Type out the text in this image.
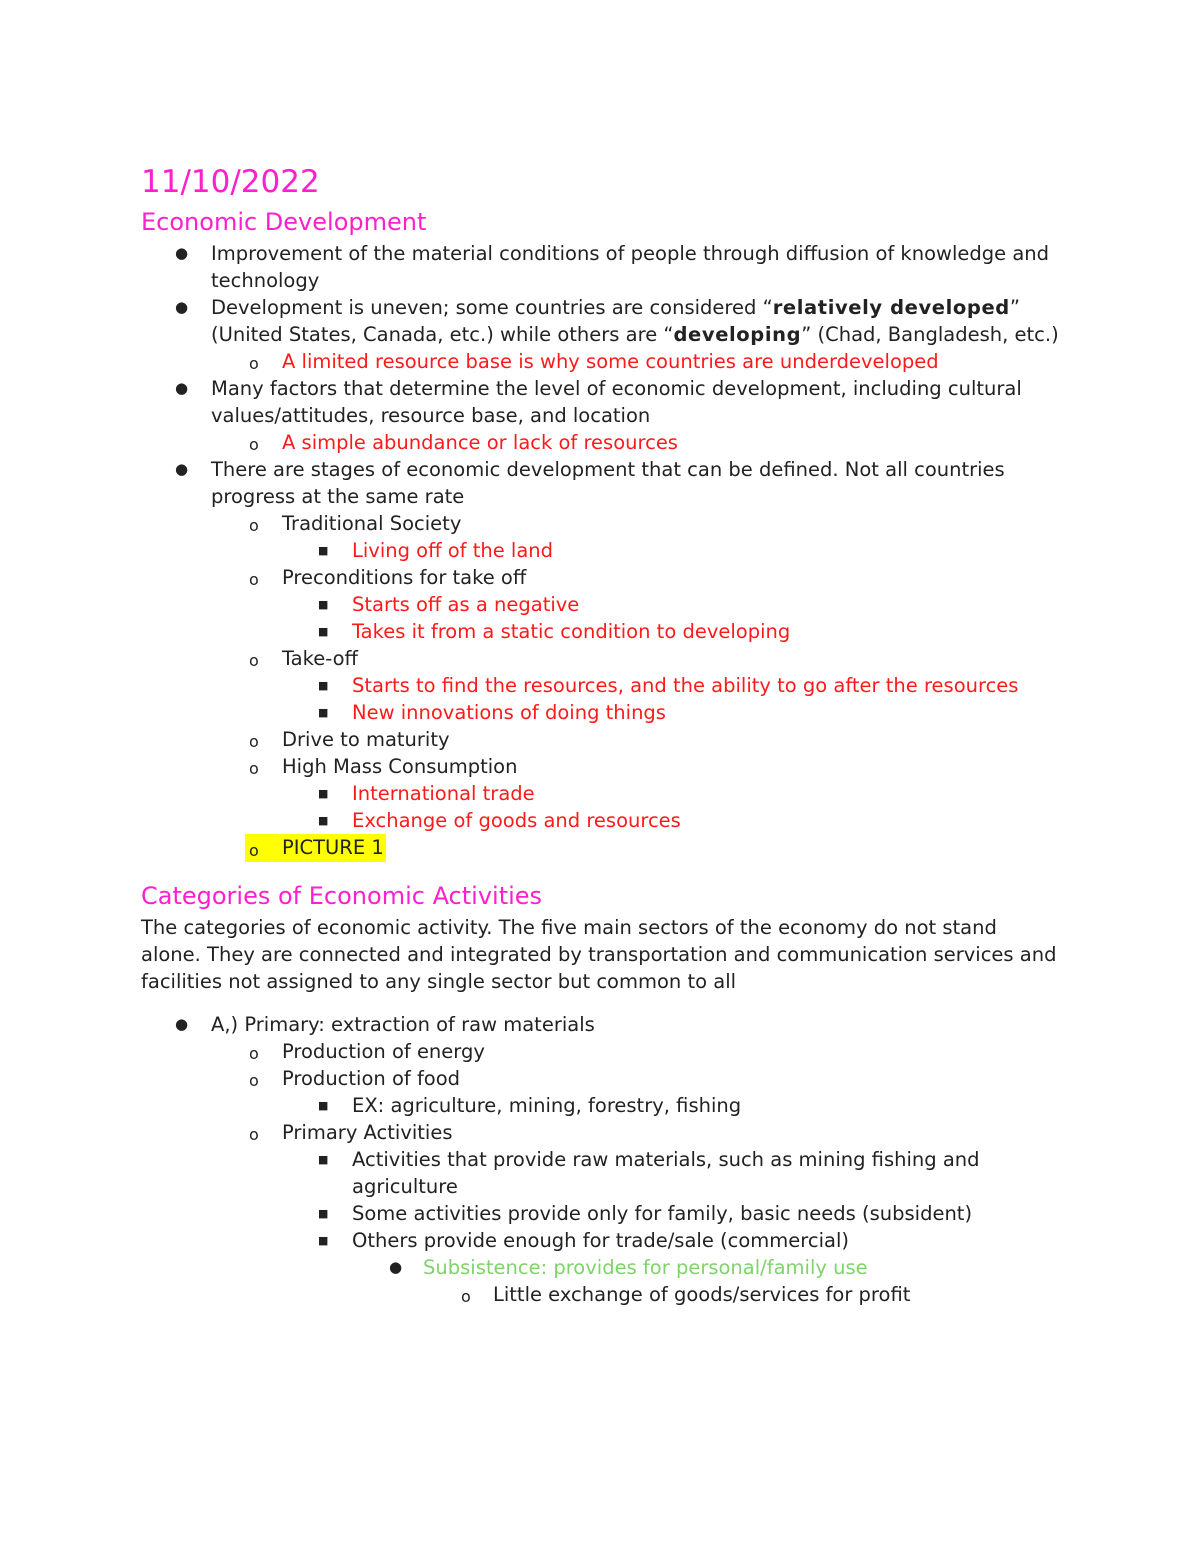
11/10/2022
Economic Development
● Improvement of the material conditions of people through diffusion of knowledge and technology
● Development is uneven; some countries are considered “relatively developed” (United States, Canada, etc.) while others are “developing” (Chad, Bangladesh, etc.)
o A limited resource base is why some countries are underdeveloped
● Many factors that determine the level of economic development, including cultural values/attitudes, resource base, and location
o A simple abundance or lack of resources
● There are stages of economic development that can be defined. Not all countries progress at the same rate
o Traditional Society
■ Living off of the land
o Preconditions for take off
■ Starts off as a negative
■ Takes it from a static condition to developing
o Take-off
■ Starts to find the resources, and the ability to go after the resources
■ New innovations of doing things
o Drive to maturity
o High Mass Consumption
■ International trade
■ Exchange of goods and resources
o PICTURE 1
Categories of Economic Activities

The categories of economic activity. The five main sectors of the economy do not stand alone. They are connected and integrated by transportation and communication services and facilities not assigned to any single sector but common to all

● A,) Primary: extraction of raw materials
o Production of energy
o Production of food
■ EX: agriculture, mining, forestry, fishing
o Primary Activities
■ Activities that provide raw materials, such as mining fishing and agriculture
■ Some activities provide only for family, basic needs (subsident)
■ Others provide enough for trade/sale (commercial)
● Subsistence: provides for personal/family use
o Little exchange of goods/services for profit
